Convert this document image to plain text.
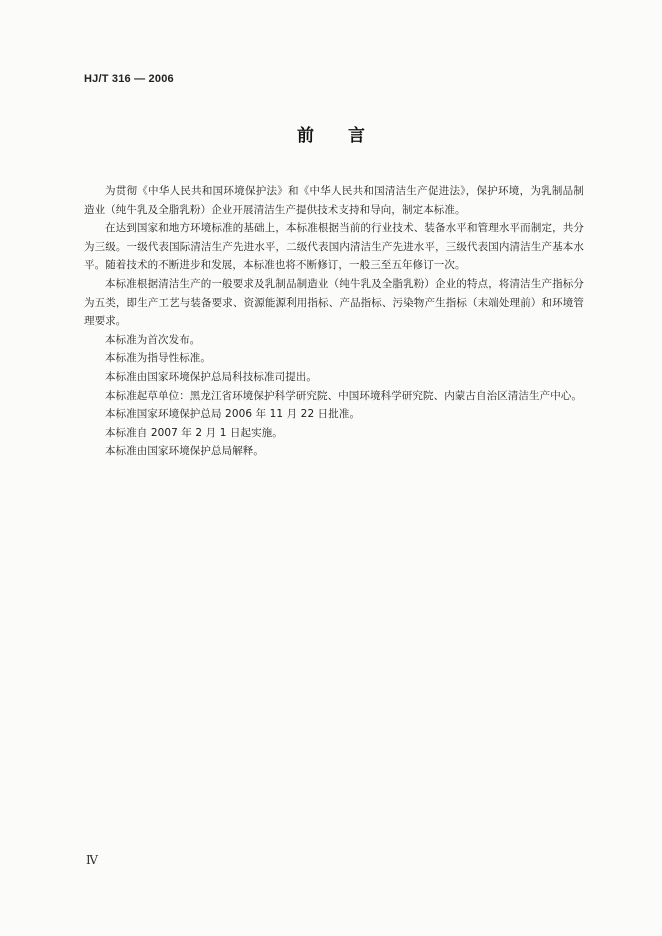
HJ/T 316 — 2006
前言

为贯彻《中华人民共和国环境保护法》和《中华人民共和国清洁生产促进法》，保护环境，为乳制品制造业（纯牛乳及全脂乳粉）企业开展清洁生产提供技术支持和导向，制定本标准。

在达到国家和地方环境标准的基础上，本标准根据当前的行业技术、装备水平和管理水平而制定，共分为三级。一级代表国际清洁生产先进水平，二级代表国内清洁生产先进水平，三级代表国内清洁生产基本水平。随着技术的不断进步和发展，本标准也将不断修订，一般三至五年修订一次。

本标准根据清洁生产的一般要求及乳制品制造业（纯牛乳及全脂乳粉）企业的特点，将清洁生产指标分为五类，即生产工艺与装备要求、资源能源利用指标、产品指标、污染物产生指标（末端处理前）和环境管理要求。

本标准为首次发布。

本标准为指导性标准。

本标准由国家环境保护总局科技标准司提出。

本标准起草单位：黑龙江省环境保护科学研究院、中国环境科学研究院、内蒙古自治区清洁生产中心。

本标准国家环境保护总局 2006 年 11 月 22 日批准。

本标准自 2007 年 2 月 1 日起实施。

本标准由国家环境保护总局解释。

Ⅳ
